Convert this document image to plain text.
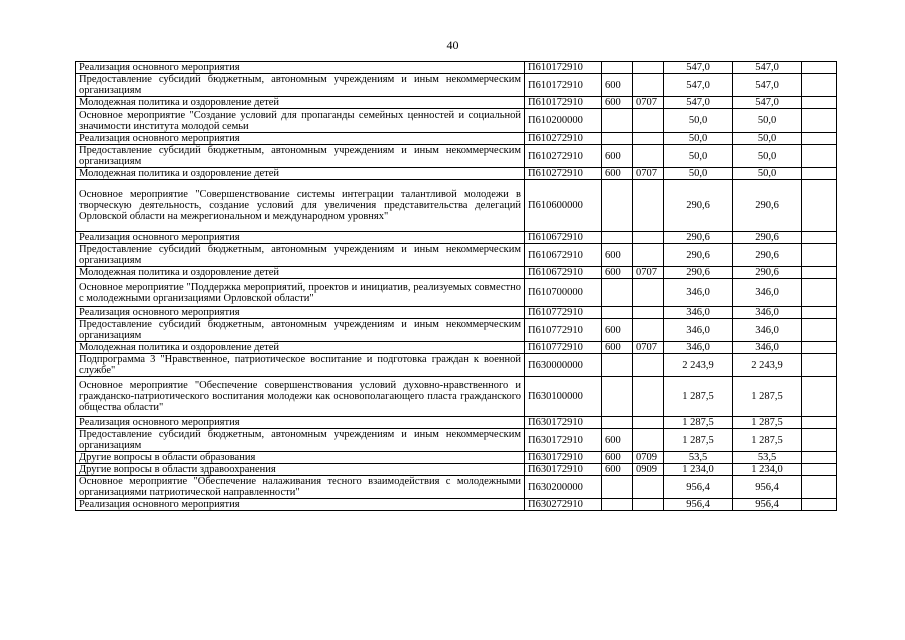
40
Реализация основного мероприятия	П610172910			547,0	547,0	
Предоставление субсидий бюджетным, автономным учреждениям и иным некоммерческим организациям	П610172910	600		547,0	547,0	
Молодежная политика и оздоровление детей	П610172910	600	0707	547,0	547,0	
Основное мероприятие "Создание условий для пропаганды семейных ценностей и социальной значимости института молодой семьи	П610200000			50,0	50,0	
Реализация основного мероприятия	П610272910			50,0	50,0	
Предоставление субсидий бюджетным, автономным учреждениям и иным некоммерческим организациям	П610272910	600		50,0	50,0	
Молодежная политика и оздоровление детей	П610272910	600	0707	50,0	50,0	
Основное мероприятие "Совершенствование системы интеграции талантливой молодежи в творческую деятельность, создание условий для увеличения представительства делегаций Орловской области на межрегиональном и международном уровнях"	П610600000			290,6	290,6	
Реализация основного мероприятия	П610672910			290,6	290,6	
Предоставление субсидий бюджетным, автономным учреждениям и иным некоммерческим организациям	П610672910	600		290,6	290,6	
Молодежная политика и оздоровление детей	П610672910	600	0707	290,6	290,6	
Основное мероприятие "Поддержка мероприятий, проектов и инициатив, реализуемых совместно с молодежными организациями Орловской области"	П610700000			346,0	346,0	
Реализация основного мероприятия	П610772910			346,0	346,0	
Предоставление субсидий бюджетным, автономным учреждениям и иным некоммерческим организациям	П610772910	600		346,0	346,0	
Молодежная политика и оздоровление детей	П610772910	600	0707	346,0	346,0	
Подпрограмма 3 "Нравственное, патриотическое воспитание и подготовка граждан к военной службе"	П630000000			2 243,9	2 243,9	
Основное мероприятие "Обеспечение совершенствования условий духовно-нравственного и гражданско-патриотического воспитания молодежи как основополагающего пласта гражданского общества области"	П630100000			1 287,5	1 287,5	
Реализация основного мероприятия	П630172910			1 287,5	1 287,5	
Предоставление субсидий бюджетным, автономным учреждениям и иным некоммерческим организациям	П630172910	600		1 287,5	1 287,5	
Другие вопросы в области образования	П630172910	600	0709	53,5	53,5	
Другие вопросы в области здравоохранения	П630172910	600	0909	1 234,0	1 234,0	
Основное мероприятие "Обеспечение налаживания тесного взаимодействия с молодежными организациями патриотической направленности"	П630200000			956,4	956,4	
Реализация основного мероприятия	П630272910			956,4	956,4	
